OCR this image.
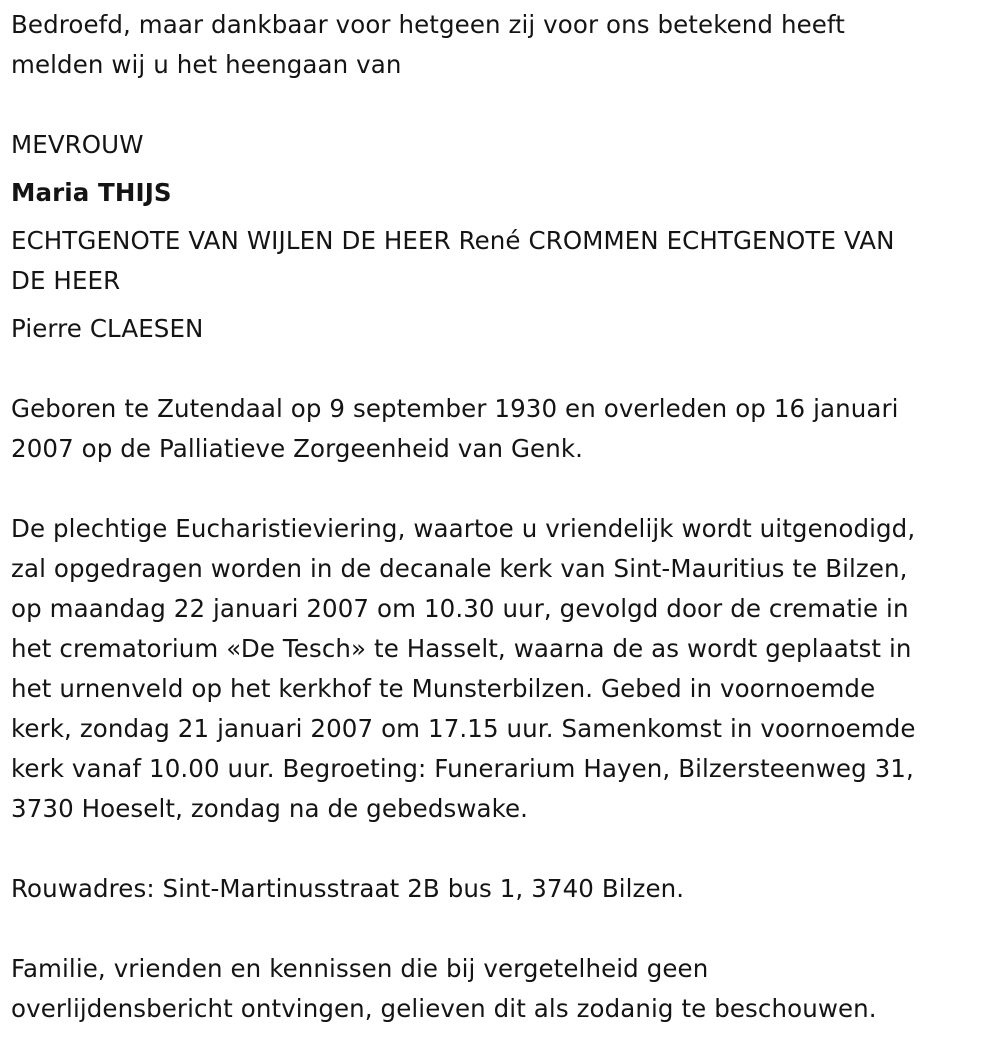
Bedroefd, maar dankbaar voor hetgeen zij voor ons betekend heeft

melden wij u het heengaan van

MEVROUW

Maria THIJS

ECHTGENOTE VAN WIJLEN DE HEER René CROMMEN ECHTGENOTE VAN

DE HEER

Pierre CLAESEN

Geboren te Zutendaal op 9 september 1930 en overleden op 16 januari

2007 op de Palliatieve Zorgeenheid van Genk.

De plechtige Eucharistieviering, waartoe u vriendelijk wordt uitgenodigd,

zal opgedragen worden in de decanale kerk van Sint-Mauritius te Bilzen,

op maandag 22 januari 2007 om 10.30 uur, gevolgd door de crematie in

het crematorium «De Tesch» te Hasselt, waarna de as wordt geplaatst in

het urnenveld op het kerkhof te Munsterbilzen. Gebed in voornoemde

kerk, zondag 21 januari 2007 om 17.15 uur. Samenkomst in voornoemde

kerk vanaf 10.00 uur. Begroeting: Funerarium Hayen, Bilzersteenweg 31,

3730 Hoeselt, zondag na de gebedswake.

Rouwadres: Sint-Martinusstraat 2B bus 1, 3740 Bilzen.

Familie, vrienden en kennissen die bij vergetelheid geen

overlijdensbericht ontvingen, gelieven dit als zodanig te beschouwen.
